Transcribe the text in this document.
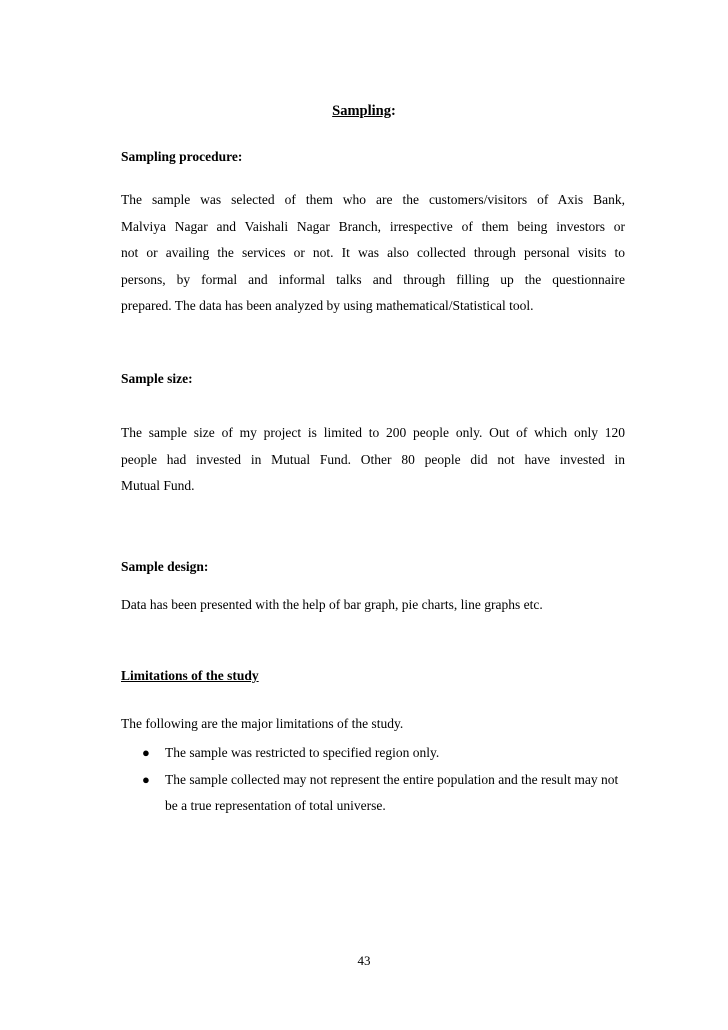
Sampling:
Sampling procedure:
The sample was selected of them who are the customers/visitors of Axis Bank,
Malviya Nagar and Vaishali Nagar Branch, irrespective of them being investors or
not or availing the services or not. It was also collected through personal visits to
persons, by formal and informal talks and through filling up the questionnaire
prepared. The data has been analyzed by using mathematical/Statistical tool.
Sample size:
The sample size of my project is limited to 200 people only. Out of which only 120
people had invested in Mutual Fund. Other 80 people did not have invested in
Mutual Fund.
Sample design:
Data has been presented with the help of bar graph, pie charts, line graphs etc.
Limitations of the study
The following are the major limitations of the study.
● The sample was restricted to specified region only.
● The sample collected may not represent the entire population and the result may not
be a true representation of total universe.
43
